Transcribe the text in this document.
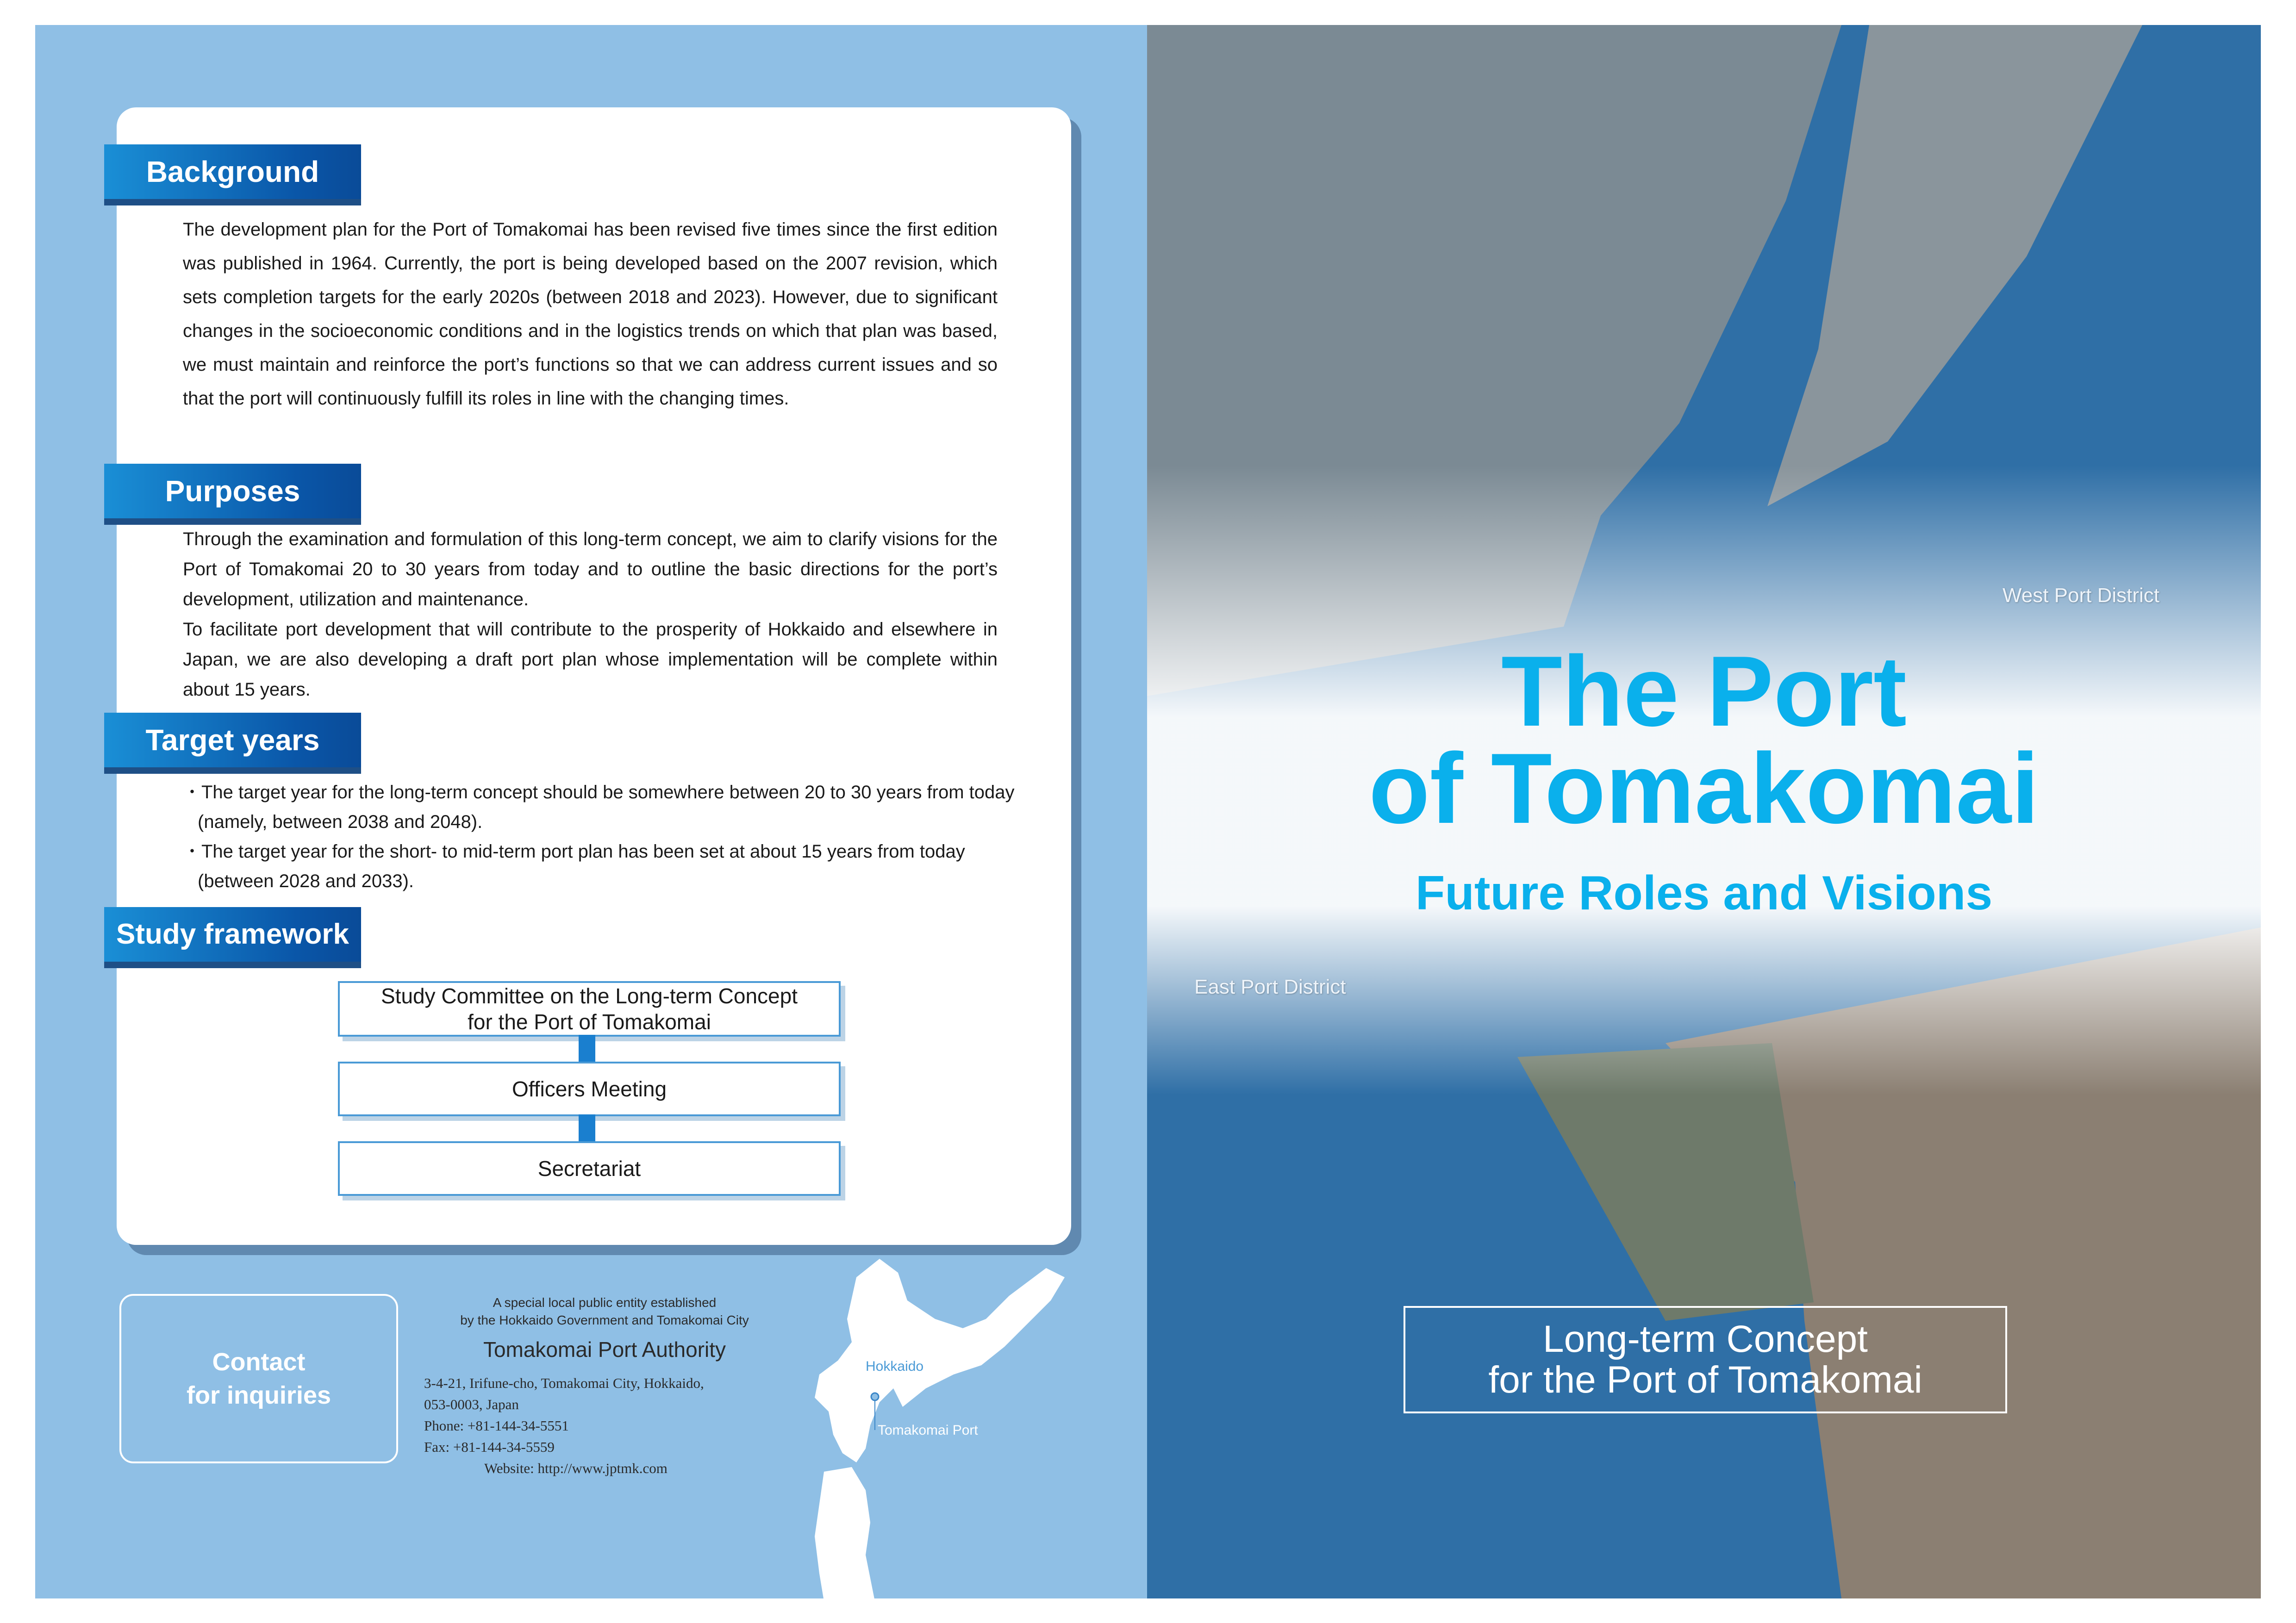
Background

The development plan for the Port of Tomakomai has been revised five times since the first edition was published in 1964. Currently, the port is being developed based on the 2007 revision, which sets completion targets for the early 2020s (between 2018 and 2023). However, due to significant changes in the socioeconomic conditions and in the logistics trends on which that plan was based, we must maintain and reinforce the port’s functions so that we can address current issues and so that the port will continuously fulfill its roles in line with the changing times.

Purposes

Through the examination and formulation of this long-term concept, we aim to clarify visions for the Port of Tomakomai 20 to 30 years from today and to outline the basic directions for the port’s development, utilization and maintenance.

To facilitate port development that will contribute to the prosperity of Hokkaido and elsewhere in Japan, we are also developing a draft port plan whose implementation will be complete within about 15 years.

Target years

・The target year for the long-term concept should be somewhere between 20 to 30 years from today (namely, between 2038 and 2048).

・The target year for the short- to mid-term port plan has been set at about 15 years from today (between 2028 and 2033).

Study framework
Study Committee on the Long-term Concept
for the Port of Tomakomai
Officers Meeting
Secretariat
Contact
for inquiries
A special local public entity established
by the Hokkaido Government and Tomakomai City
Tomakomai Port Authority
3-4-21, Irifune-cho, Tomakomai City, Hokkaido,
053-0003, Japan
Phone: +81-144-34-5551
Fax: +81-144-34-5559
Website: http://www.jptmk.com
Hokkaido
Tomakomai Port
West Port District
East Port District
The Port
of Tomakomai
Future Roles and Visions
Long-term Concept
for the Port of Tomakomai
